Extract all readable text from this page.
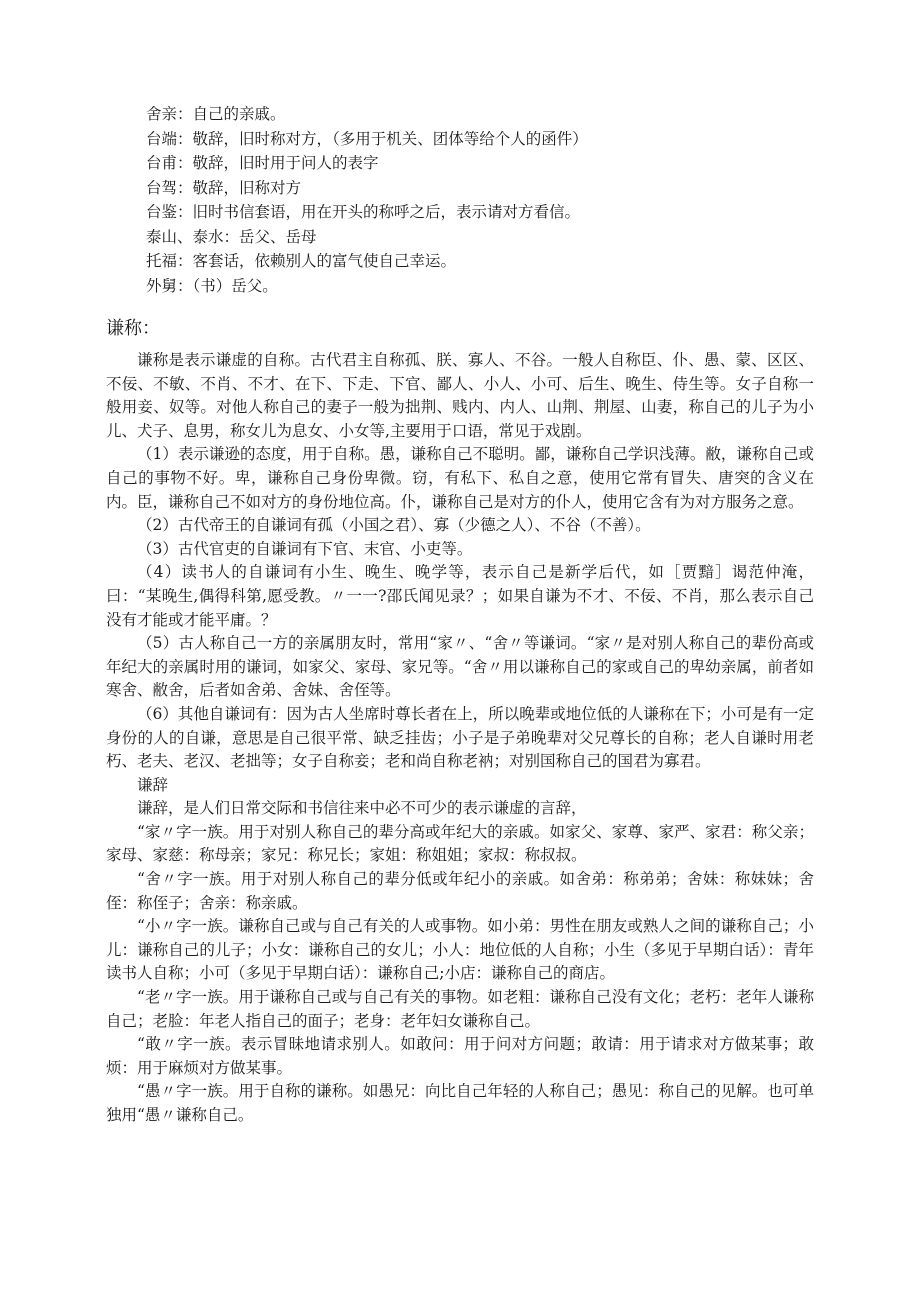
舍亲：自己的亲戚。
台端：敬辞，旧时称对方，（多用于机关、团体等给个人的函件）
台甫：敬辞，旧时用于问人的表字
台驾：敬辞，旧称对方
台鉴：旧时书信套语，用在开头的称呼之后，表示请对方看信。
泰山、泰水：岳父、岳母
托福：客套话，依赖别人的富气使自己幸运。
外舅：（书）岳父。
谦称：

谦称是表示谦虚的自称。古代君主自称孤、朕、寡人、不谷。一般人自称臣、仆、愚、蒙、区区、不佞、不敏、不肖、不才、在下、下走、下官、鄙人、小人、小可、后生、晚生、侍生等。女子自称一般用妾、奴等。对他人称自己的妻子一般为拙荆、贱内、内人、山荆、荆屋、山妻，称自己的儿子为小儿、犬子、息男，称女儿为息女、小女等,主要用于口语，常见于戏剧。

（1）表示谦逊的态度，用于自称。愚，谦称自己不聪明。鄙，谦称自己学识浅薄。敝，谦称自己或自己的事物不好。卑，谦称自己身份卑微。窃，有私下、私自之意，使用它常有冒失、唐突的含义在内。臣，谦称自己不如对方的身份地位高。仆，谦称自己是对方的仆人，使用它含有为对方服务之意。

（2）古代帝王的自谦词有孤（小国之君）、寡（少德之人）、不谷（不善）。

（3）古代官吏的自谦词有下官、末官、小吏等。

（4）读书人的自谦词有小生、晚生、晚学等，表示自己是新学后代，如［贾黯］谒范仲淹，曰：“某晚生,偶得科第,愿受教。〃一一?邵氏闻见录？；如果自谦为不才、不佞、不肖，那么表示自己没有才能或才能平庸。？

（5）古人称自己一方的亲属朋友时，常用“家〃、“舍〃等谦词。“家〃是对别人称自己的辈份高或年纪大的亲属时用的谦词，如家父、家母、家兄等。“舍〃用以谦称自己的家或自己的卑幼亲属，前者如寒舍、敝舍，后者如舍弟、舍妹、舍侄等。

（6）其他自谦词有：因为古人坐席时尊长者在上，所以晚辈或地位低的人谦称在下；小可是有一定身份的人的自谦，意思是自己很平常、缺乏挂齿；小子是子弟晚辈对父兄尊长的自称；老人自谦时用老朽、老夫、老汉、老拙等；女子自称妾；老和尚自称老衲；对别国称自己的国君为寡君。

谦辞

谦辞，是人们日常交际和书信往来中必不可少的表示谦虚的言辞，

“家〃字一族。用于对别人称自己的辈分高或年纪大的亲戚。如家父、家尊、家严、家君：称父亲；家母、家慈：称母亲；家兄：称兄长；家姐：称姐姐；家叔：称叔叔。

“舍〃字一族。用于对别人称自己的辈分低或年纪小的亲戚。如舍弟：称弟弟；舍妹：称妹妹；舍侄：称侄子；舍亲：称亲戚。

“小〃字一族。谦称自己或与自己有关的人或事物。如小弟：男性在朋友或熟人之间的谦称自己；小儿：谦称自己的儿子；小女：谦称自己的女儿；小人：地位低的人自称；小生（多见于早期白话）：青年读书人自称；小可（多见于早期白话）：谦称自己;小店：谦称自己的商店。

“老〃字一族。用于谦称自己或与自己有关的事物。如老粗：谦称自己没有文化；老朽：老年人谦称自己；老脸：年老人指自己的面子；老身：老年妇女谦称自己。

“敢〃字一族。表示冒昧地请求别人。如敢问：用于问对方问题；敢请：用于请求对方做某事；敢烦：用于麻烦对方做某事。

“愚〃字一族。用于自称的谦称。如愚兄：向比自己年轻的人称自己；愚见：称自己的见解。也可单独用“愚〃谦称自己。
